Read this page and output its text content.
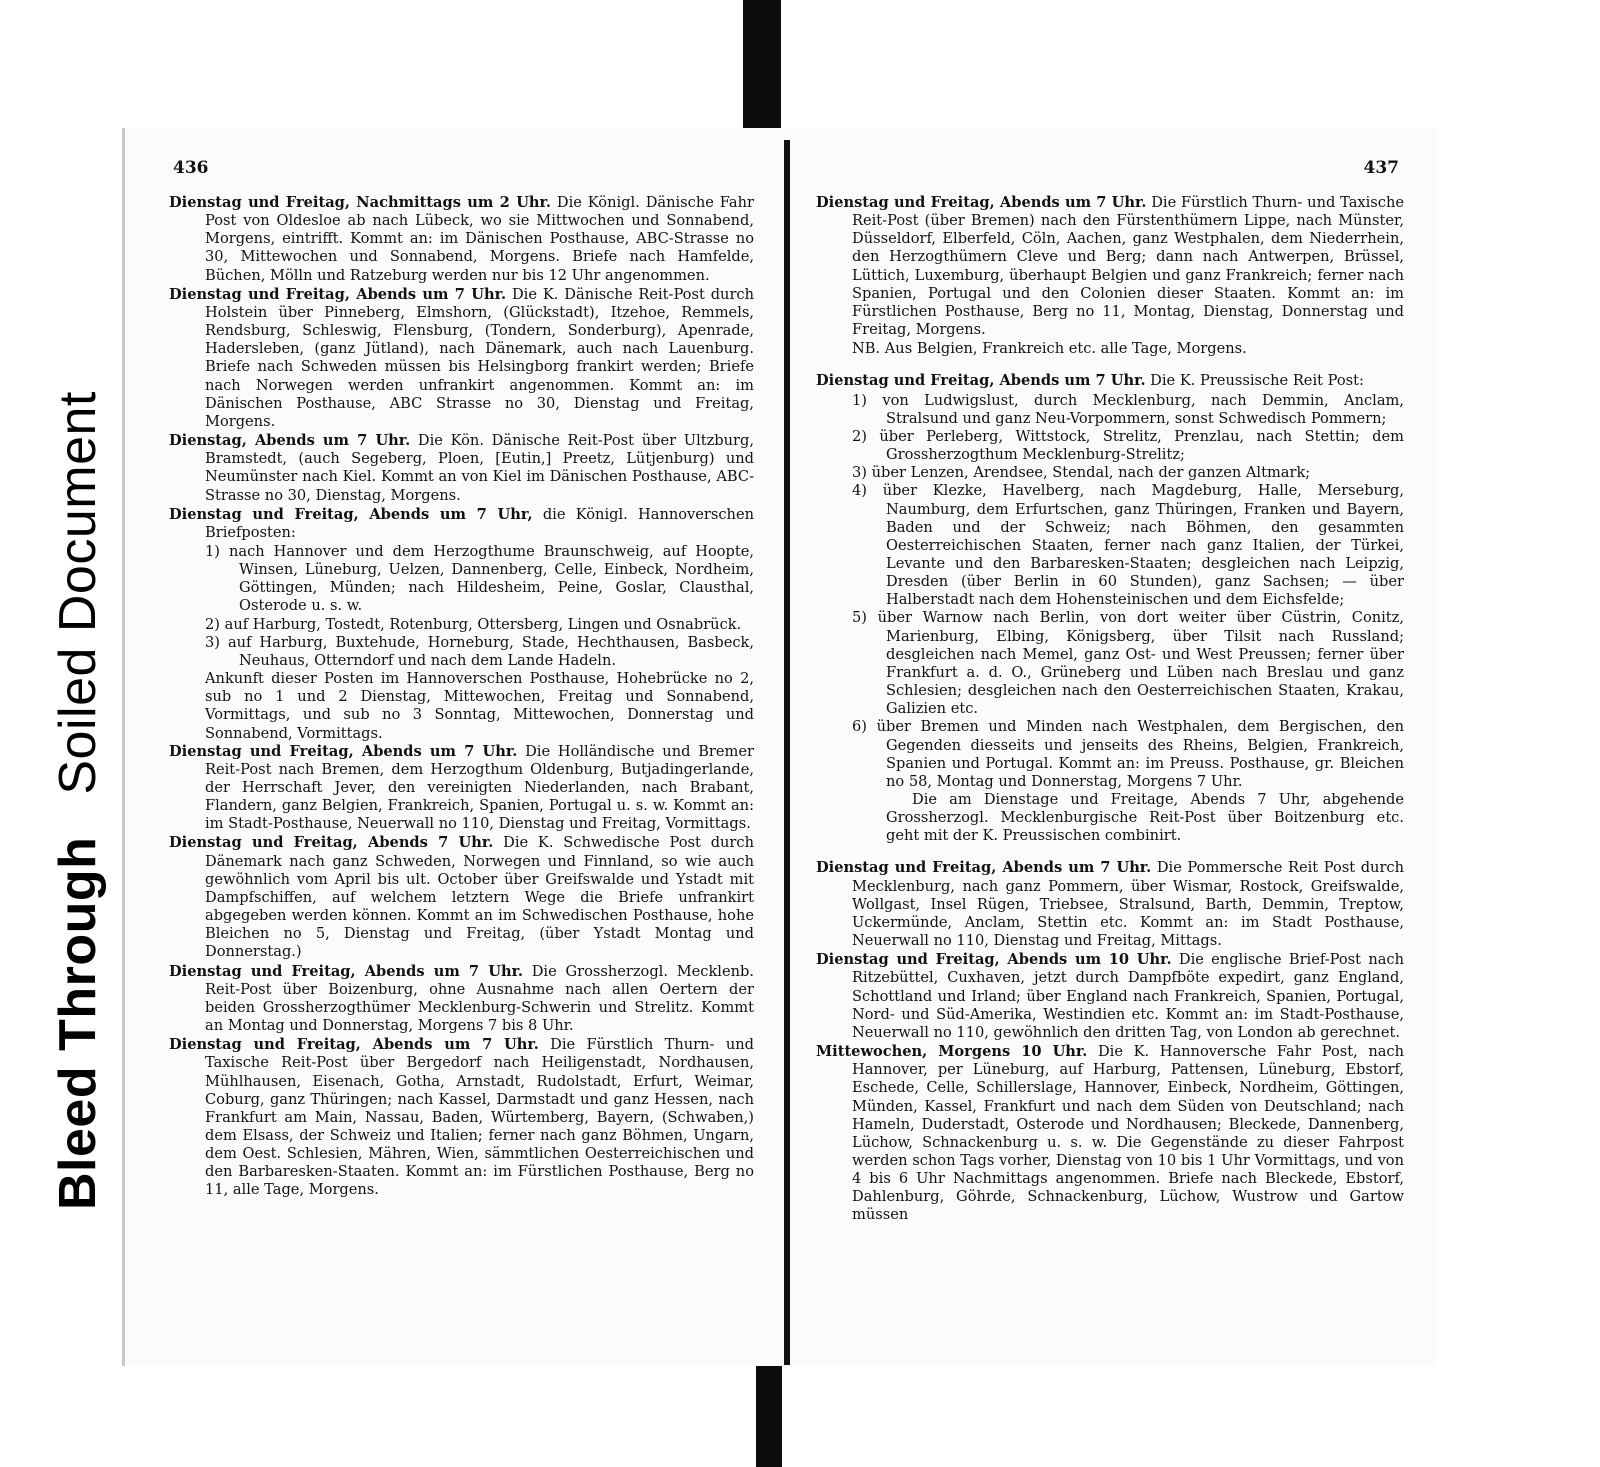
Bleed ThroughSoiled Document
436

Dienstag und Freitag, Nachmittags um 2 Uhr. Die Königl. Dänische Fahr Post von Oldesloe ab nach Lübeck, wo sie Mittwochen und Sonnabend, Morgens, eintrifft. Kommt an: im Dänischen Posthause, ABC-Strasse no 30, Mittewochen und Sonnabend, Morgens. Briefe nach Hamfelde, Büchen, Mölln und Ratzeburg werden nur bis 12 Uhr angenommen.

Dienstag und Freitag, Abends um 7 Uhr. Die K. Dänische Reit-Post durch Holstein über Pinneberg, Elmshorn, (Glückstadt), Itzehoe, Remmels, Rendsburg, Schleswig, Flensburg, (Tondern, Sonderburg), Apenrade, Hadersleben, (ganz Jütland), nach Dänemark, auch nach Lauenburg. Briefe nach Schweden müssen bis Helsingborg frankirt werden; Briefe nach Norwegen werden unfrankirt angenommen. Kommt an: im Dänischen Posthause, ABC Strasse no 30, Dienstag und Freitag, Morgens.

Dienstag, Abends um 7 Uhr. Die Kön. Dänische Reit-Post über Ultzburg, Bramstedt, (auch Segeberg, Ploen, [Eutin,] Preetz, Lütjenburg) und Neumünster nach Kiel. Kommt an von Kiel im Dänischen Posthause, ABC-Strasse no 30, Dienstag, Morgens.

Dienstag und Freitag, Abends um 7 Uhr, die Königl. Hannoverschen Briefposten:

1) nach Hannover und dem Herzogthume Braunschweig, auf Hoopte, Winsen, Lüneburg, Uelzen, Dannenberg, Celle, Einbeck, Nordheim, Göttingen, Münden; nach Hildesheim, Peine, Goslar, Clausthal, Osterode u. s. w.

2) auf Harburg, Tostedt, Rotenburg, Ottersberg, Lingen und Osnabrück.

3) auf Harburg, Buxtehude, Horneburg, Stade, Hechthausen, Basbeck, Neuhaus, Otterndorf und nach dem Lande Hadeln.

Ankunft dieser Posten im Hannoverschen Posthause, Hohebrücke no 2, sub no 1 und 2 Dienstag, Mittewochen, Freitag und Sonnabend, Vormittags, und sub no 3 Sonntag, Mittewochen, Donnerstag und Sonnabend, Vormittags.

Dienstag und Freitag, Abends um 7 Uhr. Die Holländische und Bremer Reit-Post nach Bremen, dem Herzogthum Oldenburg, Butjadingerlande, der Herrschaft Jever, den vereinigten Niederlanden, nach Brabant, Flandern, ganz Belgien, Frankreich, Spanien, Portugal u. s. w. Kommt an: im Stadt-Posthause, Neuerwall no 110, Dienstag und Freitag, Vormittags.

Dienstag und Freitag, Abends 7 Uhr. Die K. Schwedische Post durch Dänemark nach ganz Schweden, Norwegen und Finnland, so wie auch gewöhnlich vom April bis ult. October über Greifswalde und Ystadt mit Dampfschiffen, auf welchem letztern Wege die Briefe unfrankirt abgegeben werden können. Kommt an im Schwedischen Posthause, hohe Bleichen no 5, Dienstag und Freitag, (über Ystadt Montag und Donnerstag.)

Dienstag und Freitag, Abends um 7 Uhr. Die Grossherzogl. Mecklenb. Reit-Post über Boizenburg, ohne Ausnahme nach allen Oertern der beiden Grossherzogthümer Mecklenburg-Schwerin und Strelitz. Kommt an Montag und Donnerstag, Morgens 7 bis 8 Uhr.

Dienstag und Freitag, Abends um 7 Uhr. Die Fürstlich Thurn- und Taxische Reit-Post über Bergedorf nach Heiligenstadt, Nordhausen, Mühlhausen, Eisenach, Gotha, Arnstadt, Rudolstadt, Erfurt, Weimar, Coburg, ganz Thüringen; nach Kassel, Darmstadt und ganz Hessen, nach Frankfurt am Main, Nassau, Baden, Würtemberg, Bayern, (Schwaben,) dem Elsass, der Schweiz und Italien; ferner nach ganz Böhmen, Ungarn, dem Oest. Schlesien, Mähren, Wien, sämmtlichen Oesterreichischen und den Barbaresken-Staaten. Kommt an: im Fürstlichen Posthause, Berg no 11, alle Tage, Morgens.

437

Dienstag und Freitag, Abends um 7 Uhr. Die Fürstlich Thurn- und Taxische Reit-Post (über Bremen) nach den Fürstenthümern Lippe, nach Münster, Düsseldorf, Elberfeld, Cöln, Aachen, ganz Westphalen, dem Niederrhein, den Herzogthümern Cleve und Berg; dann nach Antwerpen, Brüssel, Lüttich, Luxemburg, überhaupt Belgien und ganz Frankreich; ferner nach Spanien, Portugal und den Colonien dieser Staaten. Kommt an: im Fürstlichen Posthause, Berg no 11, Montag, Dienstag, Donnerstag und Freitag, Morgens.

NB. Aus Belgien, Frankreich etc. alle Tage, Morgens.

Dienstag und Freitag, Abends um 7 Uhr. Die K. Preussische Reit Post:

1) von Ludwigslust, durch Mecklenburg, nach Demmin, Anclam, Stralsund und ganz Neu-Vorpommern, sonst Schwedisch Pommern;

2) über Perleberg, Wittstock, Strelitz, Prenzlau, nach Stettin; dem Grossherzogthum Mecklenburg-Strelitz;

3) über Lenzen, Arendsee, Stendal, nach der ganzen Altmark;

4) über Klezke, Havelberg, nach Magdeburg, Halle, Merseburg, Naumburg, dem Erfurtschen, ganz Thüringen, Franken und Bayern, Baden und der Schweiz; nach Böhmen, den gesammten Oesterreichischen Staaten, ferner nach ganz Italien, der Türkei, Levante und den Barbaresken-Staaten; desgleichen nach Leipzig, Dresden (über Berlin in 60 Stunden), ganz Sachsen; — über Halberstadt nach dem Hohensteinischen und dem Eichsfelde;

5) über Warnow nach Berlin, von dort weiter über Cüstrin, Conitz, Marienburg, Elbing, Königsberg, über Tilsit nach Russland; desgleichen nach Memel, ganz Ost- und West Preussen; ferner über Frankfurt a. d. O., Grüneberg und Lüben nach Breslau und ganz Schlesien; desgleichen nach den Oesterreichischen Staaten, Krakau, Galizien etc.

6) über Bremen und Minden nach Westphalen, dem Bergischen, den Gegenden diesseits und jenseits des Rheins, Belgien, Frankreich, Spanien und Portugal. Kommt an: im Preuss. Posthause, gr. Bleichen no 58, Montag und Donnerstag, Morgens 7 Uhr.

Die am Dienstage und Freitage, Abends 7 Uhr, abgehende Grossherzogl. Mecklenburgische Reit-Post über Boitzenburg etc. geht mit der K. Preussischen combinirt.

Dienstag und Freitag, Abends um 7 Uhr. Die Pommersche Reit Post durch Mecklenburg, nach ganz Pommern, über Wismar, Rostock, Greifswalde, Wollgast, Insel Rügen, Triebsee, Stralsund, Barth, Demmin, Treptow, Uckermünde, Anclam, Stettin etc. Kommt an: im Stadt Posthause, Neuerwall no 110, Dienstag und Freitag, Mittags.

Dienstag und Freitag, Abends um 10 Uhr. Die englische Brief-Post nach Ritzebüttel, Cuxhaven, jetzt durch Dampfböte expedirt, ganz England, Schottland und Irland; über England nach Frankreich, Spanien, Portugal, Nord- und Süd-Amerika, Westindien etc. Kommt an: im Stadt-Posthause, Neuerwall no 110, gewöhnlich den dritten Tag, von London ab gerechnet.

Mittewochen, Morgens 10 Uhr. Die K. Hannoversche Fahr Post, nach Hannover, per Lüneburg, auf Harburg, Pattensen, Lüneburg, Ebstorf, Eschede, Celle, Schillerslage, Hannover, Einbeck, Nordheim, Göttingen, Münden, Kassel, Frankfurt und nach dem Süden von Deutschland; nach Hameln, Duderstadt, Osterode und Nordhausen; Bleckede, Dannenberg, Lüchow, Schnackenburg u. s. w. Die Gegenstände zu dieser Fahrpost werden schon Tags vorher, Dienstag von 10 bis 1 Uhr Vormittags, und von 4 bis 6 Uhr Nachmittags angenommen. Briefe nach Bleckede, Ebstorf, Dahlenburg, Göhrde, Schnackenburg, Lüchow, Wustrow und Gartow müssen
